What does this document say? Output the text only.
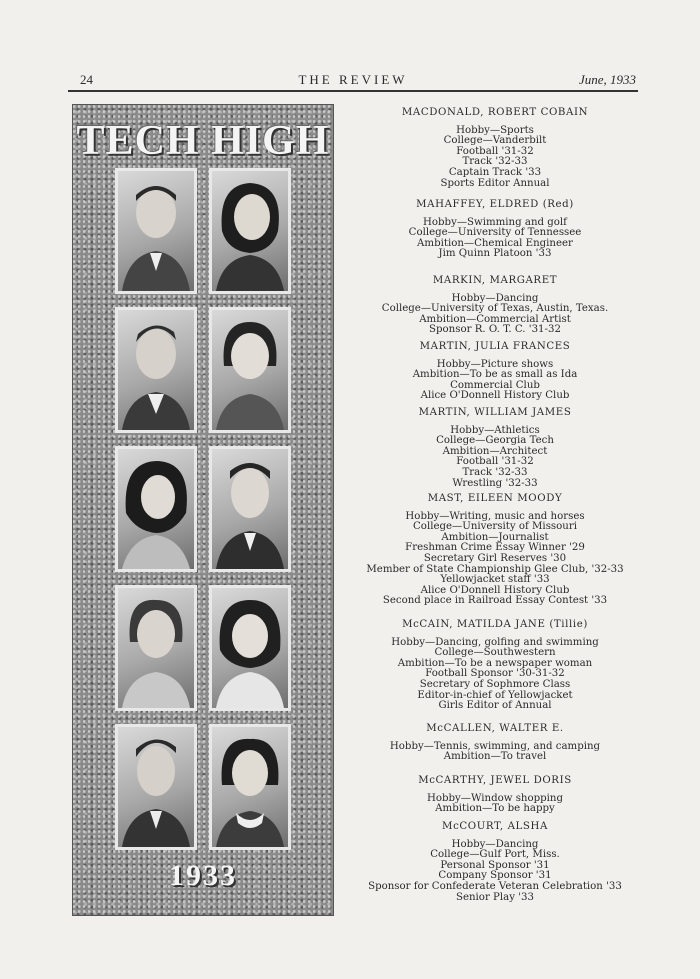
24	THE REVIEW	June, 1933
TECH HIGH
1933
MACDONALD, ROBERT COBAIN
Hobby—Sports
College—Vanderbilt
Football '31-32
Track '32-33
Captain Track '33
Sports Editor Annual
MAHAFFEY, ELDRED (Red)
Hobby—Swimming and golf
College—University of Tennessee
Ambition—Chemical Engineer
Jim Quinn Platoon '33
MARKIN, MARGARET
Hobby—Dancing
College—University of Texas, Austin, Texas.
Ambition—Commercial Artist
Sponsor R. O. T. C. '31-32
MARTIN, JULIA FRANCES
Hobby—Picture shows
Ambition—To be as small as Ida
Commercial Club
Alice O'Donnell History Club
MARTIN, WILLIAM JAMES
Hobby—Athletics
College—Georgia Tech
Ambition—Architect
Football '31-32
Track '32-33
Wrestling '32-33
MAST, EILEEN MOODY
Hobby—Writing, music and horses
College—University of Missouri
Ambition—Journalist
Freshman Crime Essay Winner '29
Secretary Girl Reserves '30
Member of State Championship Glee Club, '32-33
Yellowjacket staff '33
Alice O'Donnell History Club
Second place in Railroad Essay Contest '33
McCAIN, MATILDA JANE (Tillie)
Hobby—Dancing, golfing and swimming
College—Southwestern
Ambition—To be a newspaper woman
Football Sponsor '30-31-32
Secretary of Sophmore Class
Editor-in-chief of Yellowjacket
Girls Editor of Annual
McCALLEN, WALTER E.
Hobby—Tennis, swimming, and camping
Ambition—To travel
McCARTHY, JEWEL DORIS
Hobby—Window shopping
Ambition—To be happy
McCOURT, ALSHA
Hobby—Dancing
College—Gulf Port, Miss.
Personal Sponsor '31
Company Sponsor '31
Sponsor for Confederate Veteran Celebration '33
Senior Play '33
